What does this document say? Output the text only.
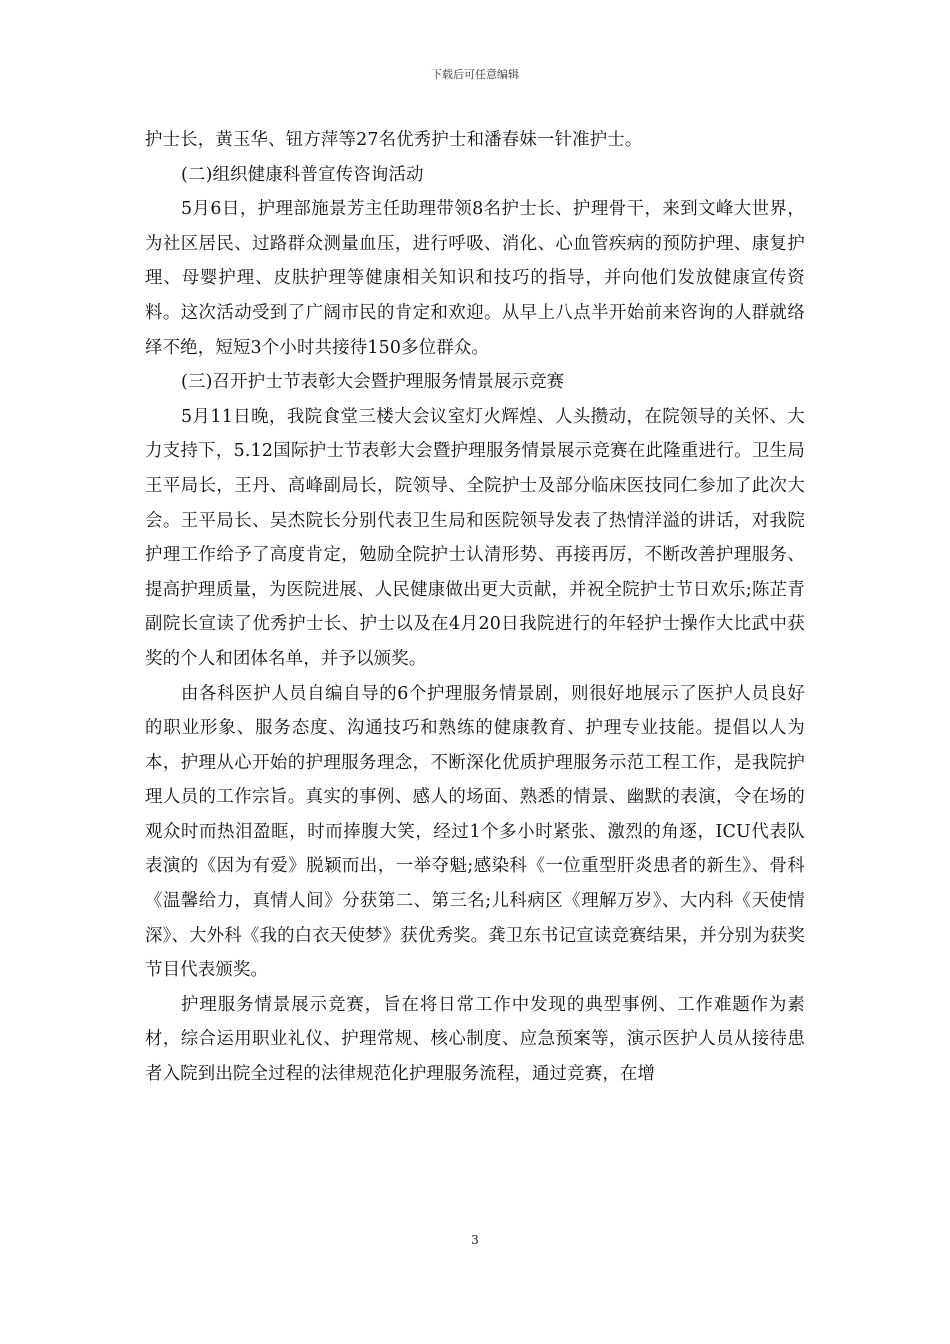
下载后可任意编辑

护士长，黄玉华、钮方萍等27名优秀护士和潘春妹一针准护士。

(二)组织健康科普宣传咨询活动

5月6日，护理部施景芳主任助理带领8名护士长、护理骨干，来到文峰大世界，为社区居民、过路群众测量血压，进行呼吸、消化、心血管疾病的预防护理、康复护理、母婴护理、皮肤护理等健康相关知识和技巧的指导，并向他们发放健康宣传资料。这次活动受到了广阔市民的肯定和欢迎。从早上八点半开始前来咨询的人群就络绎不绝，短短3个小时共接待150多位群众。

(三)召开护士节表彰大会暨护理服务情景展示竞赛

5月11日晚，我院食堂三楼大会议室灯火辉煌、人头攒动，在院领导的关怀、大力支持下，5.12国际护士节表彰大会暨护理服务情景展示竞赛在此隆重进行。卫生局王平局长，王丹、高峰副局长，院领导、全院护士及部分临床医技同仁参加了此次大会。王平局长、吴杰院长分别代表卫生局和医院领导发表了热情洋溢的讲话，对我院护理工作给予了高度肯定，勉励全院护士认清形势、再接再厉，不断改善护理服务、提高护理质量，为医院进展、人民健康做出更大贡献，并祝全院护士节日欢乐;陈芷青副院长宣读了优秀护士长、护士以及在4月20日我院进行的年轻护士操作大比武中获奖的个人和团体名单，并予以颁奖。

由各科医护人员自编自导的6个护理服务情景剧，则很好地展示了医护人员良好的职业形象、服务态度、沟通技巧和熟练的健康教育、护理专业技能。提倡以人为本，护理从心开始的护理服务理念，不断深化优质护理服务示范工程工作，是我院护理人员的工作宗旨。真实的事例、感人的场面、熟悉的情景、幽默的表演，令在场的观众时而热泪盈眶，时而捧腹大笑，经过1个多小时紧张、激烈的角逐，ICU代表队表演的《因为有爱》脱颖而出，一举夺魁;感染科《一位重型肝炎患者的新生》、骨科《温馨给力，真情人间》分获第二、第三名;儿科病区《理解万岁》、大内科《天使情深》、大外科《我的白衣天使梦》获优秀奖。龚卫东书记宣读竞赛结果，并分别为获奖节目代表颁奖。

护理服务情景展示竞赛，旨在将日常工作中发现的典型事例、工作难题作为素材，综合运用职业礼仪、护理常规、核心制度、应急预案等，演示医护人员从接待患者入院到出院全过程的法律规范化护理服务流程，通过竞赛，在增

3
